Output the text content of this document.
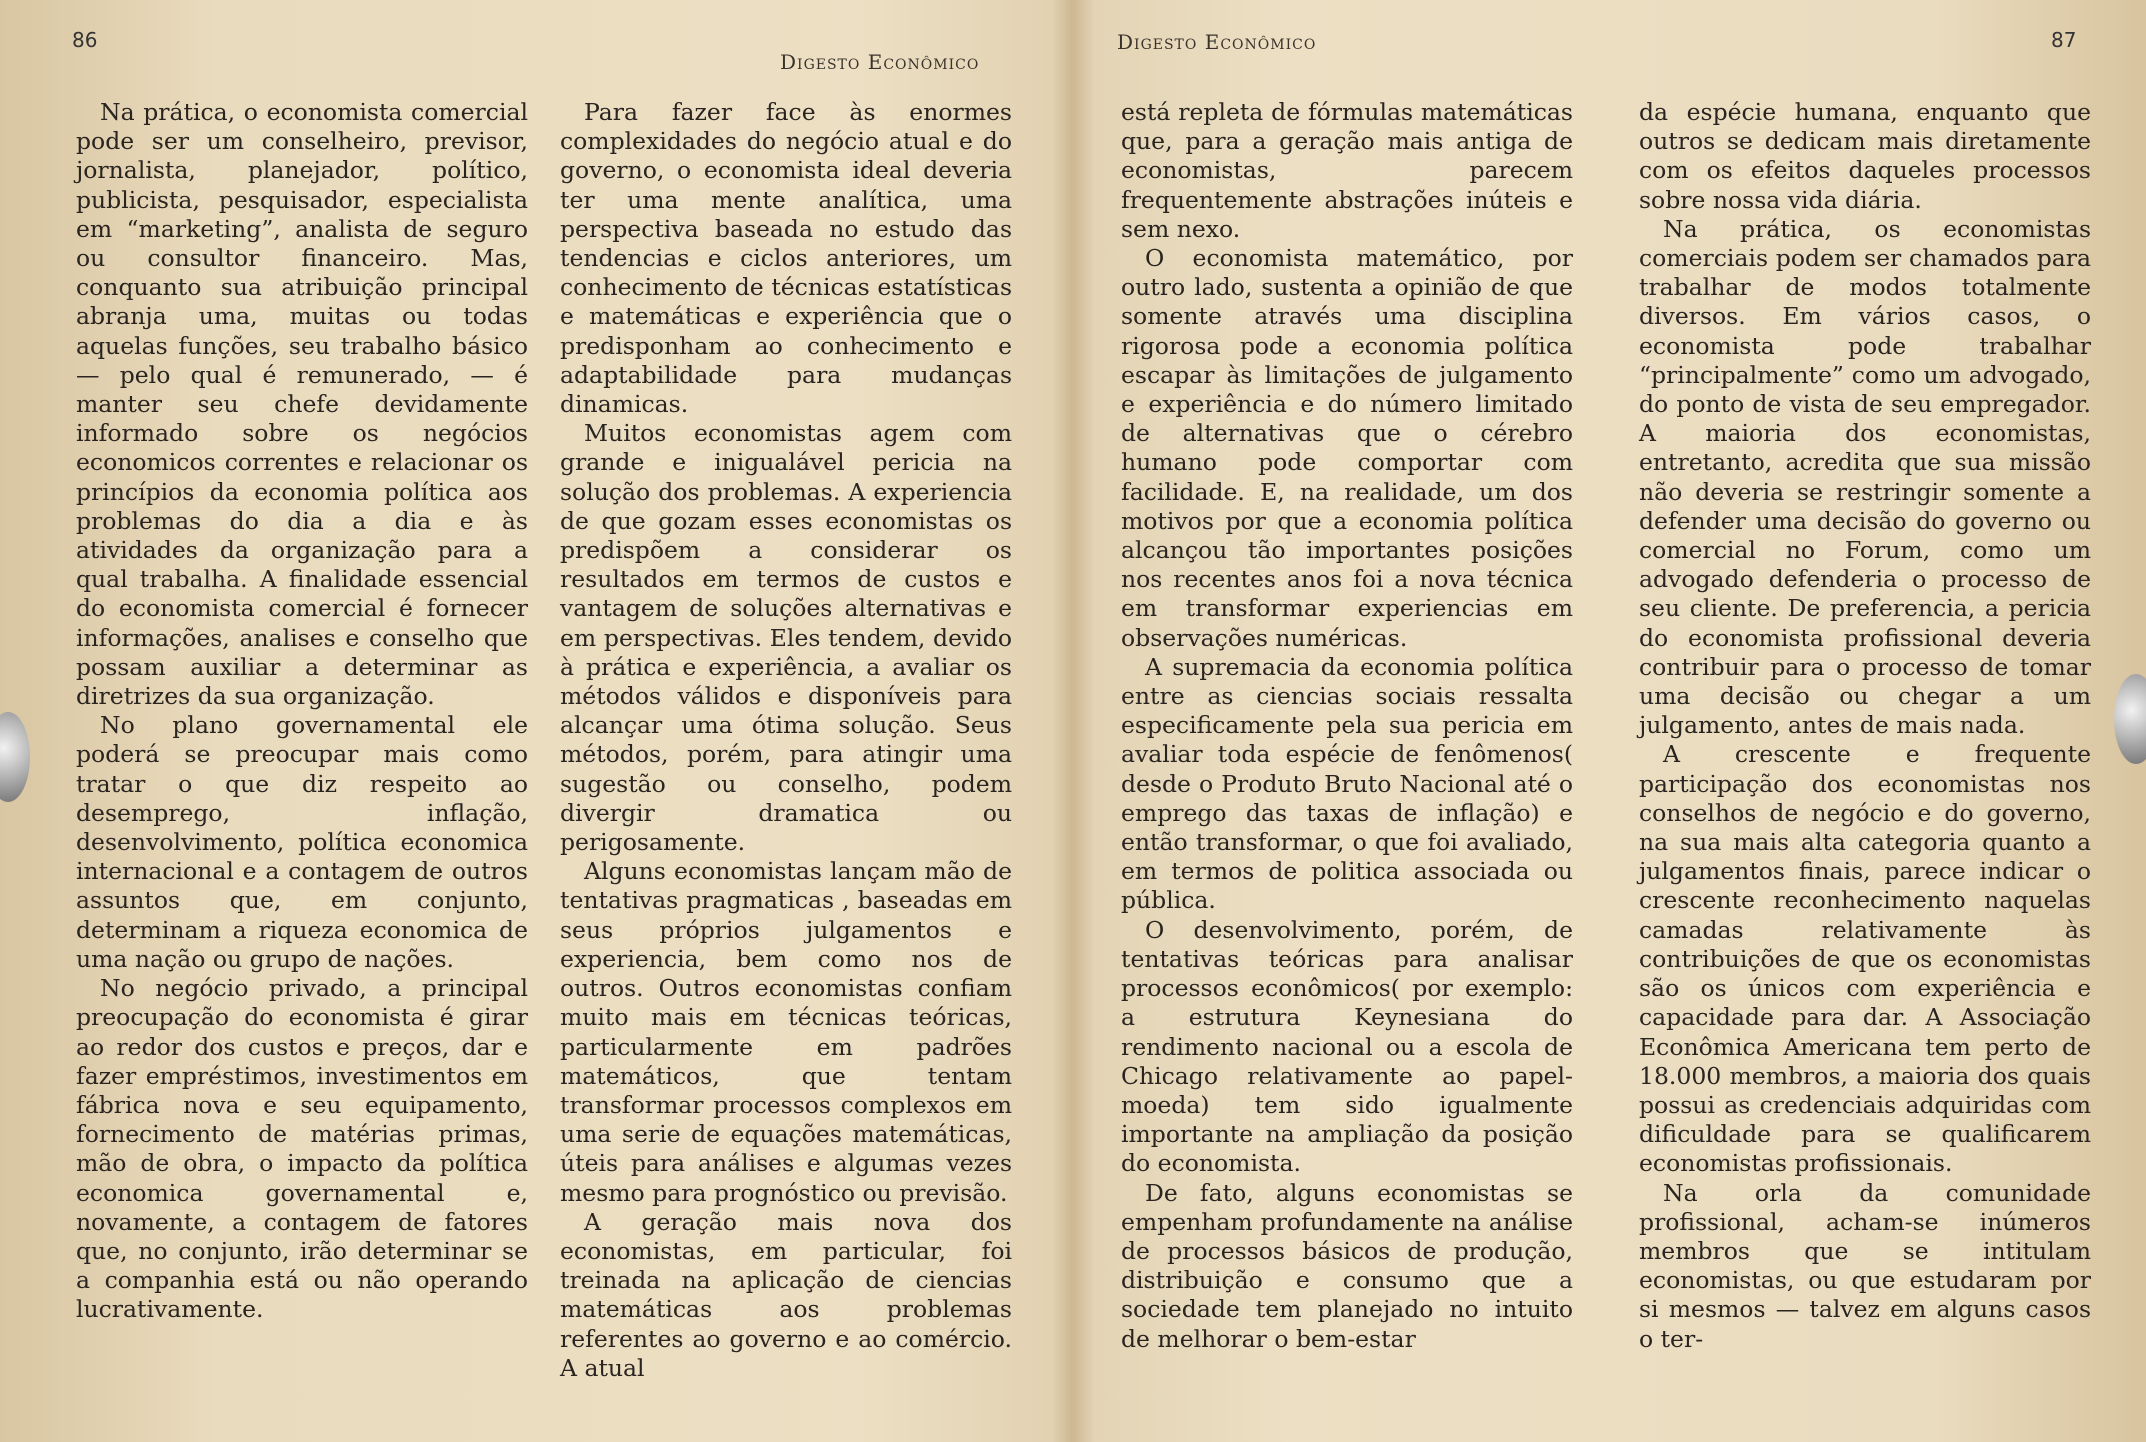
86
Digesto Econômico

Na prática, o economista comercial pode ser um conselheiro, previsor, jornalista, planejador, político, publicista, pesquisador, especialista em “marketing”, analista de seguro ou consultor financeiro. Mas, conquanto sua atribuição principal abranja uma, muitas ou todas aquelas funções, seu trabalho básico — pelo qual é remunerado, — é manter seu chefe devidamente informado sobre os negócios economicos correntes e relacionar os princípios da economia política aos problemas do dia a dia e às atividades da organização para a qual trabalha. A finalidade essencial do economista comercial é fornecer informações, analises e conselho que possam auxiliar a determinar as diretrizes da sua organização.

No plano governamental ele poderá se preocupar mais como tratar o que diz respeito ao desemprego, inflação, desenvolvimento, política economica internacional e a contagem de outros assuntos que, em conjunto, determinam a riqueza economica de uma nação ou grupo de nações.

No negócio privado, a principal preocupação do economista é girar ao redor dos custos e preços, dar e fazer empréstimos, investimentos em fábrica nova e seu equipamento, fornecimento de matérias primas, mão de obra, o impacto da política economica governamental e, novamente, a contagem de fatores que, no conjunto, irão determinar se a companhia está ou não operando lucrativamente.

Para fazer face às enormes complexidades do negócio atual e do governo, o economista ideal deveria ter uma mente analítica, uma perspectiva baseada no estudo das tendencias e ciclos anteriores, um conhecimento de técnicas estatísticas e matemáticas e experiência que o predisponham ao conhecimento e adaptabilidade para mudanças dinamicas.

Muitos economistas agem com grande e inigualável pericia na solução dos problemas. A experiencia de que gozam esses economistas os predispõem a considerar os resultados em termos de custos e vantagem de soluções alternativas e em perspectivas. Eles tendem, devido à prática e experiência, a avaliar os métodos válidos e disponíveis para alcançar uma ótima solução. Seus métodos, porém, para atingir uma sugestão ou conselho, podem divergir dramatica ou perigosamente.

Alguns economistas lançam mão de tentativas pragmaticas , baseadas em seus próprios julgamentos e experiencia, bem como nos de outros. Outros economistas confiam muito mais em técnicas teóricas, particularmente em padrões matemáticos, que tentam transformar processos complexos em uma serie de equações matemáticas, úteis para análises e algumas vezes mesmo para prognóstico ou previsão.

A geração mais nova dos economistas, em particular, foi treinada na aplicação de ciencias matemáticas aos problemas referentes ao governo e ao comércio. A atual

Digesto Econômico	87

está repleta de fórmulas matemáticas que, para a geração mais antiga de economistas, parecem frequentemente abstrações inúteis e sem nexo.

O economista matemático, por outro lado, sustenta a opinião de que somente através uma disciplina rigorosa pode a economia política escapar às limitações de julgamento e experiência e do número limitado de alternativas que o cérebro humano pode comportar com facilidade. E, na realidade, um dos motivos por que a economia política alcançou tão importantes posições nos recentes anos foi a nova técnica em transformar experiencias em observações numéricas.

A supremacia da economia política entre as ciencias sociais ressalta especificamente pela sua pericia em avaliar toda espécie de fenômenos( desde o Produto Bruto Nacional até o emprego das taxas de inflação) e então transformar, o que foi avaliado, em termos de politica associada ou pública.

O desenvolvimento, porém, de tentativas teóricas para analisar processos econômicos( por exemplo: a estrutura Keynesiana do rendimento nacional ou a escola de Chicago relativamente ao papel-moeda) tem sido igualmente importante na ampliação da posição do economista.

De fato, alguns economistas se empenham profundamente na análise de processos básicos de produção, distribuição e consumo que a sociedade tem planejado no intuito de melhorar o bem-estar

da espécie humana, enquanto que outros se dedicam mais diretamente com os efeitos daqueles processos sobre nossa vida diária.

Na prática, os economistas comerciais podem ser chamados para trabalhar de modos totalmente diversos. Em vários casos, o economista pode trabalhar “principalmente” como um advogado, do ponto de vista de seu empregador. A maioria dos economistas, entretanto, acredita que sua missão não deveria se restringir somente a defender uma decisão do governo ou comercial no Forum, como um advogado defenderia o processo de seu cliente. De preferencia, a pericia do economista profissional deveria contribuir para o processo de tomar uma decisão ou chegar a um julgamento, antes de mais nada.

A crescente e frequente participação dos economistas nos conselhos de negócio e do governo, na sua mais alta categoria quanto a julgamentos finais, parece indicar o crescente reconhecimento naquelas camadas relativamente às contribuições de que os economistas são os únicos com experiência e capacidade para dar. A Associação Econômica Americana tem perto de 18.000 membros, a maioria dos quais possui as credenciais adquiridas com dificuldade para se qualificarem economistas profissionais.

Na orla da comunidade profissional, acham-se inúmeros membros que se intitulam economistas, ou que estudaram por si mesmos — talvez em alguns casos o ter-
